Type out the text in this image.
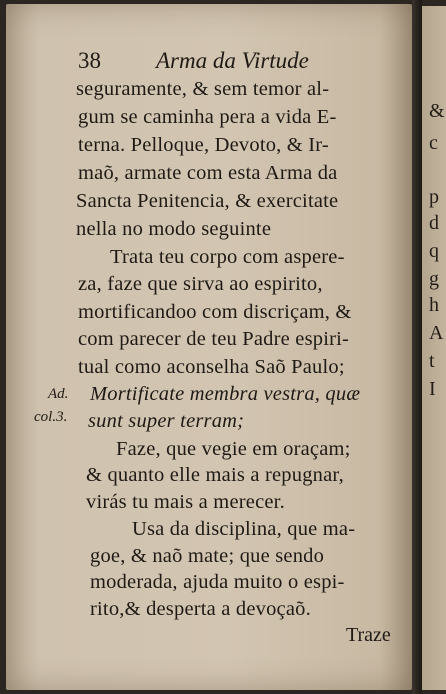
38 Arma da Virtude
seguramente, & sem temor al-
gum se caminha pera a vida E-
terna. Pelloque, Devoto, & Ir-
maõ, armate com esta Arma da
Sancta Penitencia, & exercitate
nella no modo seguinte
Trata teu corpo com aspere-
za, faze que sirva ao espirito,
mortificandoo com discriçam, &
com parecer de teu Padre espiri-
tual como aconselha Saõ Paulo;
Mortificate membra vestra, quæ
sunt super terram;
Faze, que vegie em oraçam;
& quanto elle mais a repugnar,
virás tu mais a merecer.
Usa da disciplina, que ma-
goe, & naõ mate; que sendo
moderada, ajuda muito o espi-
rito,& desperta a devoçaõ.
Ad.
col.3.
Traze
&
c
p
d
q
g
h
A
t
I
